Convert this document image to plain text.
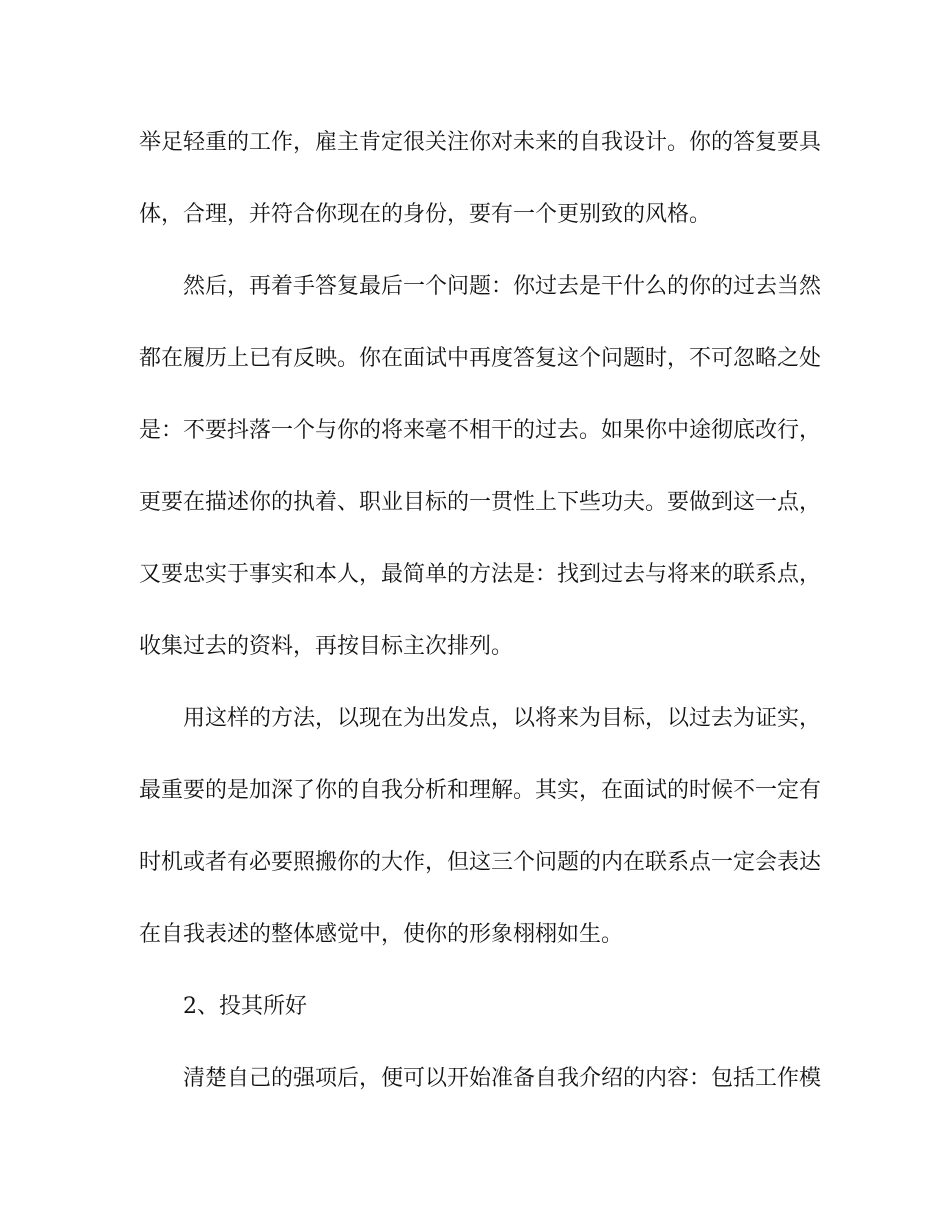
举足轻重的工作，雇主肯定很关注你对未来的自我设计。你的答复要具

体，合理，并符合你现在的身份，要有一个更别致的风格。

然后，再着手答复最后一个问题：你过去是干什么的你的过去当然

都在履历上已有反映。你在面试中再度答复这个问题时，不可忽略之处

是：不要抖落一个与你的将来毫不相干的过去。如果你中途彻底改行，

更要在描述你的执着、职业目标的一贯性上下些功夫。要做到这一点，

又要忠实于事实和本人，最简单的方法是：找到过去与将来的联系点，

收集过去的资料，再按目标主次排列。

用这样的方法，以现在为出发点，以将来为目标，以过去为证实，

最重要的是加深了你的自我分析和理解。其实，在面试的时候不一定有

时机或者有必要照搬你的大作，但这三个问题的内在联系点一定会表达

在自我表述的整体感觉中，使你的形象栩栩如生。

2、投其所好

清楚自己的强项后，便可以开始准备自我介绍的内容：包括工作模
